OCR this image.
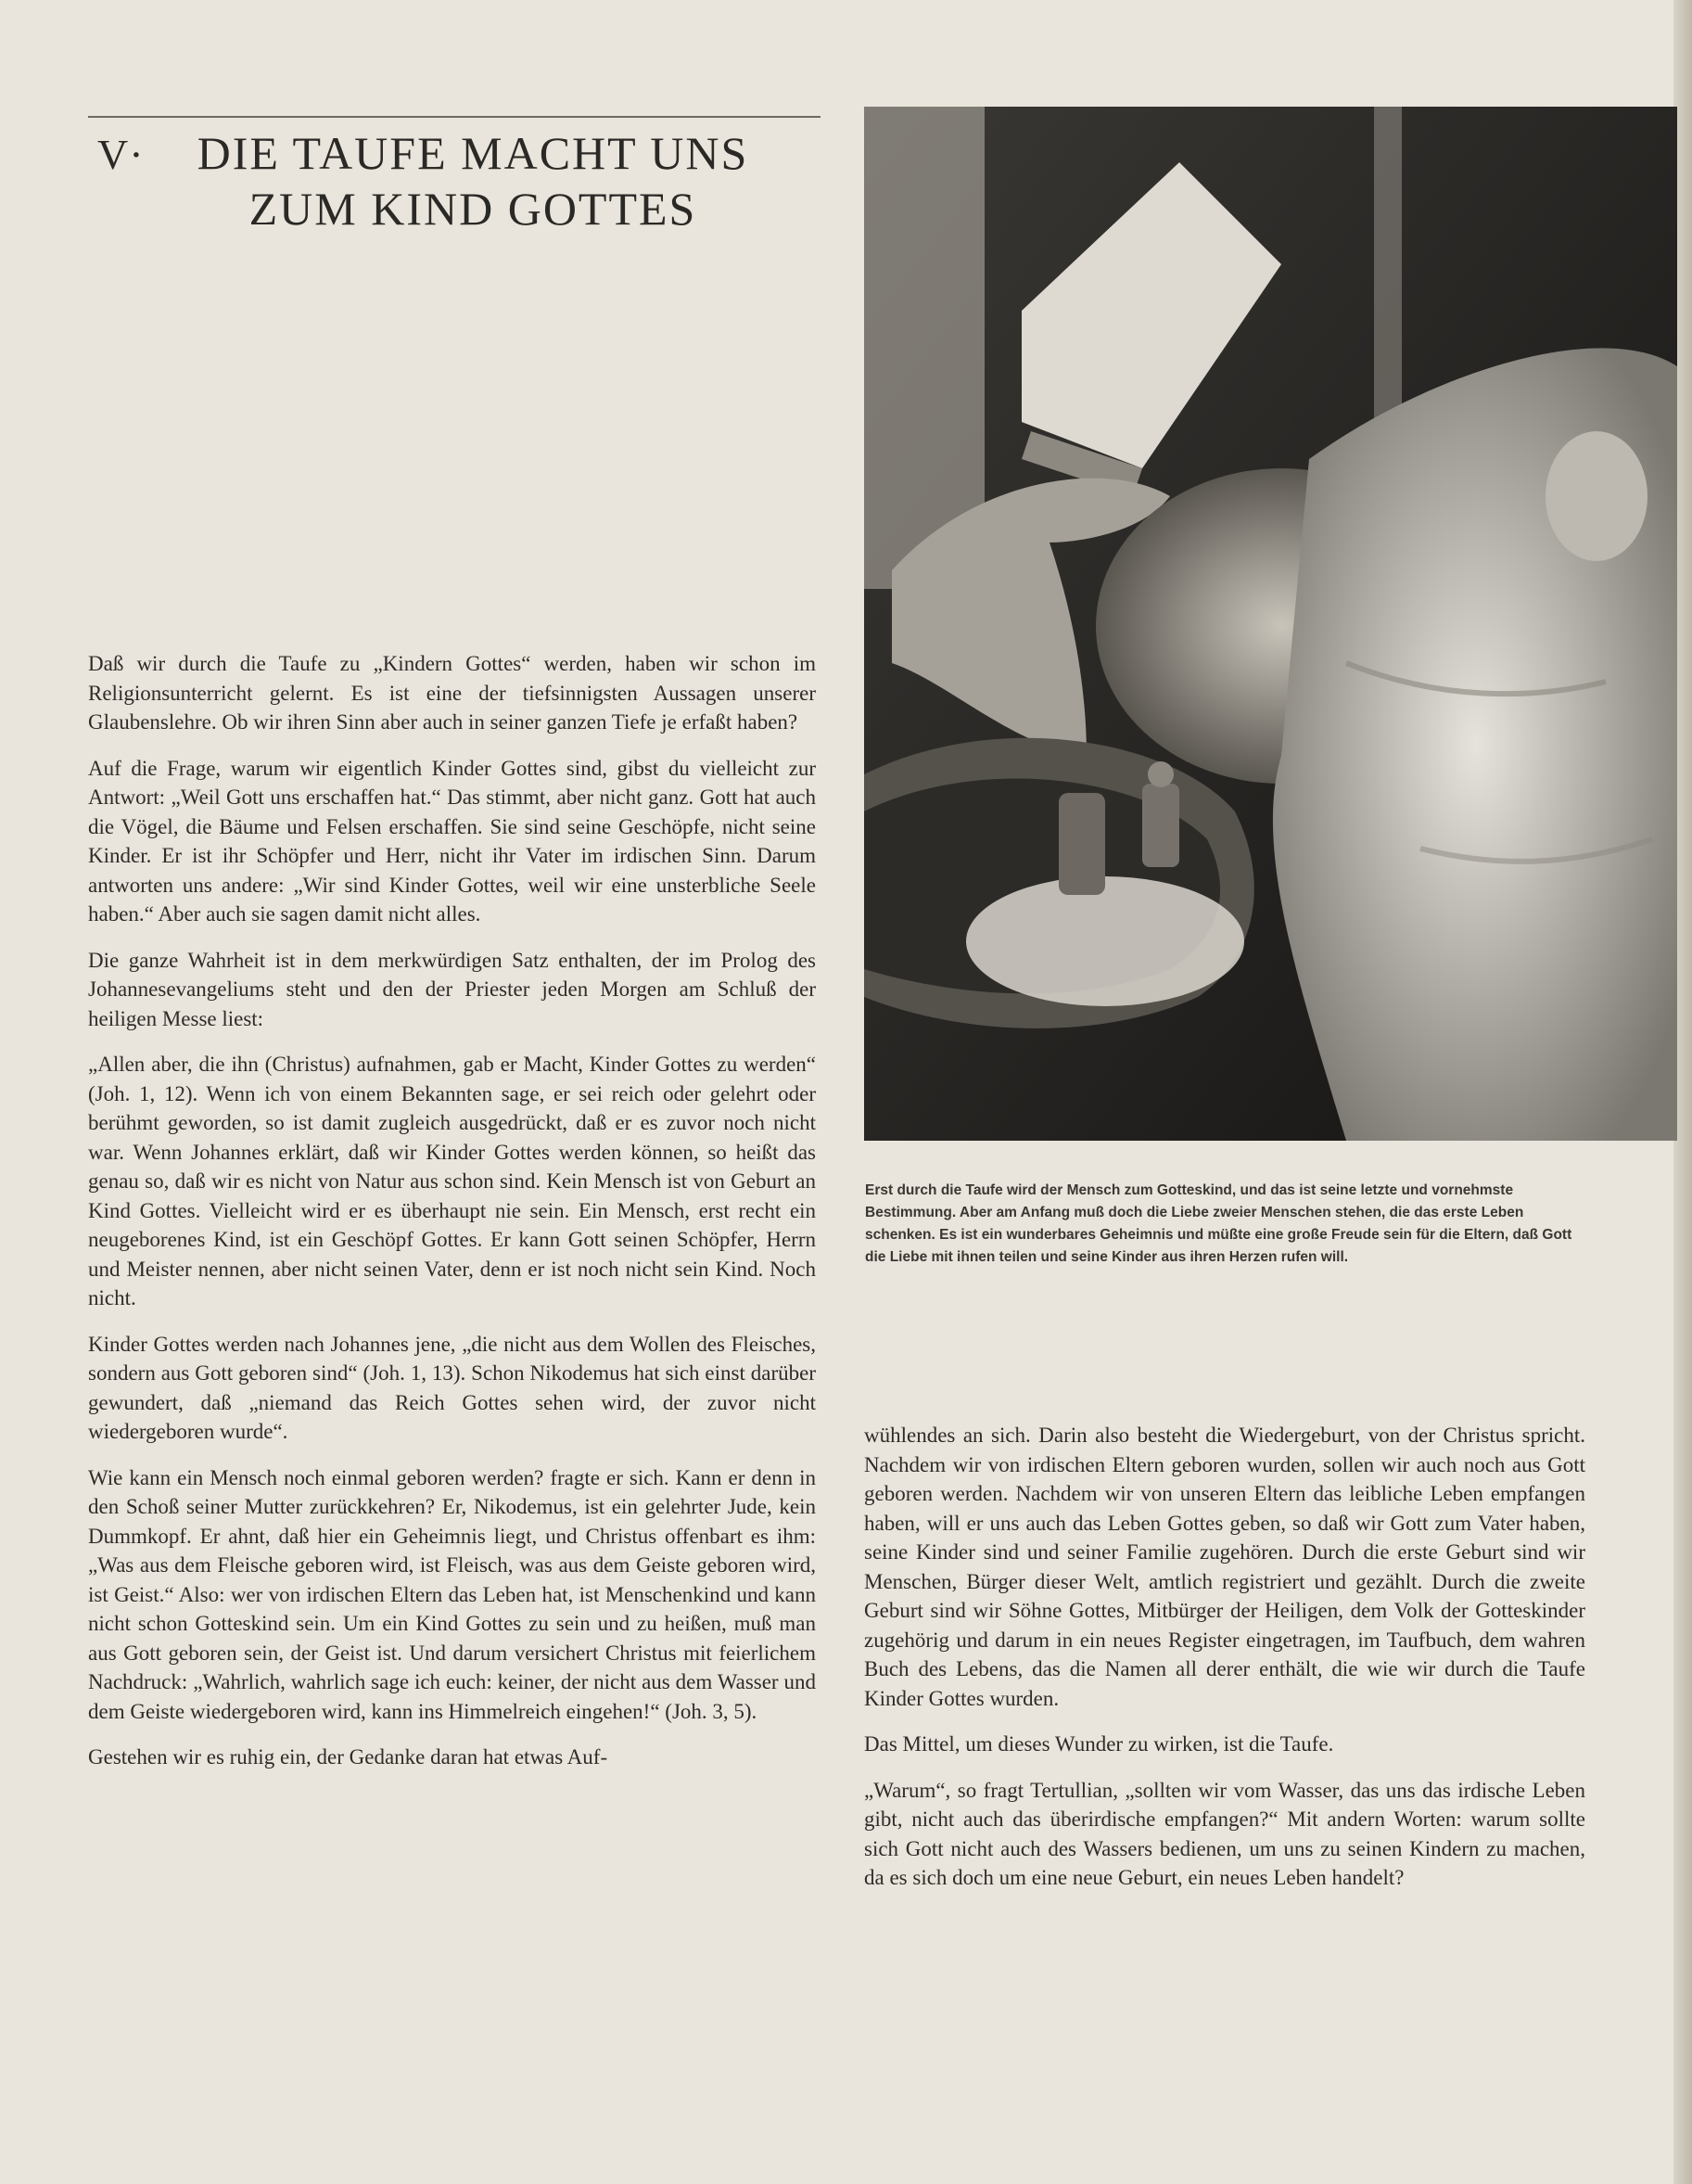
V· DIE TAUFE MACHT UNS
ZUM KIND GOTTES
Erst durch die Taufe wird der Mensch zum Gotteskind, und das ist seine letzte und vornehmste Bestimmung. Aber am Anfang muß doch die Liebe zweier Menschen stehen, die das erste Leben schenken. Es ist ein wunderbares Geheimnis und müßte eine große Freude sein für die Eltern, daß Gott die Liebe mit ihnen teilen und seine Kinder aus ihren Herzen rufen will.

Daß wir durch die Taufe zu „Kindern Gottes“ werden, haben wir schon im Religionsunterricht gelernt. Es ist eine der tiefsinnigsten Aussagen unserer Glaubenslehre. Ob wir ihren Sinn aber auch in seiner ganzen Tiefe je erfaßt haben?

Auf die Frage, warum wir eigentlich Kinder Gottes sind, gibst du vielleicht zur Antwort: „Weil Gott uns erschaffen hat.“ Das stimmt, aber nicht ganz. Gott hat auch die Vögel, die Bäume und Felsen erschaffen. Sie sind seine Geschöpfe, nicht seine Kinder. Er ist ihr Schöpfer und Herr, nicht ihr Vater im irdischen Sinn. Darum antworten uns andere: „Wir sind Kinder Gottes, weil wir eine unsterbliche Seele haben.“ Aber auch sie sagen damit nicht alles.

Die ganze Wahrheit ist in dem merkwürdigen Satz enthalten, der im Prolog des Johannesevangeliums steht und den der Priester jeden Morgen am Schluß der heiligen Messe liest:

„Allen aber, die ihn (Christus) aufnahmen, gab er Macht, Kinder Gottes zu werden“ (Joh. 1, 12). Wenn ich von einem Bekannten sage, er sei reich oder gelehrt oder berühmt geworden, so ist damit zugleich ausgedrückt, daß er es zuvor noch nicht war. Wenn Johannes erklärt, daß wir Kinder Gottes werden können, so heißt das genau so, daß wir es nicht von Natur aus schon sind. Kein Mensch ist von Geburt an Kind Gottes. Vielleicht wird er es überhaupt nie sein. Ein Mensch, erst recht ein neugeborenes Kind, ist ein Geschöpf Gottes. Er kann Gott seinen Schöpfer, Herrn und Meister nennen, aber nicht seinen Vater, denn er ist noch nicht sein Kind. Noch nicht.

Kinder Gottes werden nach Johannes jene, „die nicht aus dem Wollen des Fleisches, sondern aus Gott geboren sind“ (Joh. 1, 13). Schon Nikodemus hat sich einst darüber gewundert, daß „niemand das Reich Gottes sehen wird, der zuvor nicht wiedergeboren wurde“.

Wie kann ein Mensch noch einmal geboren werden? fragte er sich. Kann er denn in den Schoß seiner Mutter zurückkehren? Er, Nikodemus, ist ein gelehrter Jude, kein Dummkopf. Er ahnt, daß hier ein Geheimnis liegt, und Christus offenbart es ihm: „Was aus dem Fleische geboren wird, ist Fleisch, was aus dem Geiste geboren wird, ist Geist.“ Also: wer von irdischen Eltern das Leben hat, ist Menschenkind und kann nicht schon Gotteskind sein. Um ein Kind Gottes zu sein und zu heißen, muß man aus Gott geboren sein, der Geist ist. Und darum versichert Christus mit feierlichem Nachdruck: „Wahrlich, wahrlich sage ich euch: keiner, der nicht aus dem Wasser und dem Geiste wiedergeboren wird, kann ins Himmelreich eingehen!“ (Joh. 3, 5).

Gestehen wir es ruhig ein, der Gedanke daran hat etwas Auf-

wühlendes an sich. Darin also besteht die Wiedergeburt, von der Christus spricht. Nachdem wir von irdischen Eltern geboren wurden, sollen wir auch noch aus Gott geboren werden. Nachdem wir von unseren Eltern das leibliche Leben empfangen haben, will er uns auch das Leben Gottes geben, so daß wir Gott zum Vater haben, seine Kinder sind und seiner Familie zugehören. Durch die erste Geburt sind wir Menschen, Bürger dieser Welt, amtlich registriert und gezählt. Durch die zweite Geburt sind wir Söhne Gottes, Mitbürger der Heiligen, dem Volk der Gotteskinder zugehörig und darum in ein neues Register eingetragen, im Taufbuch, dem wahren Buch des Lebens, das die Namen all derer enthält, die wie wir durch die Taufe Kinder Gottes wurden.

Das Mittel, um dieses Wunder zu wirken, ist die Taufe.

„Warum“, so fragt Tertullian, „sollten wir vom Wasser, das uns das irdische Leben gibt, nicht auch das überirdische empfangen?“ Mit andern Worten: warum sollte sich Gott nicht auch des Wassers bedienen, um uns zu seinen Kindern zu machen, da es sich doch um eine neue Geburt, ein neues Leben handelt?
